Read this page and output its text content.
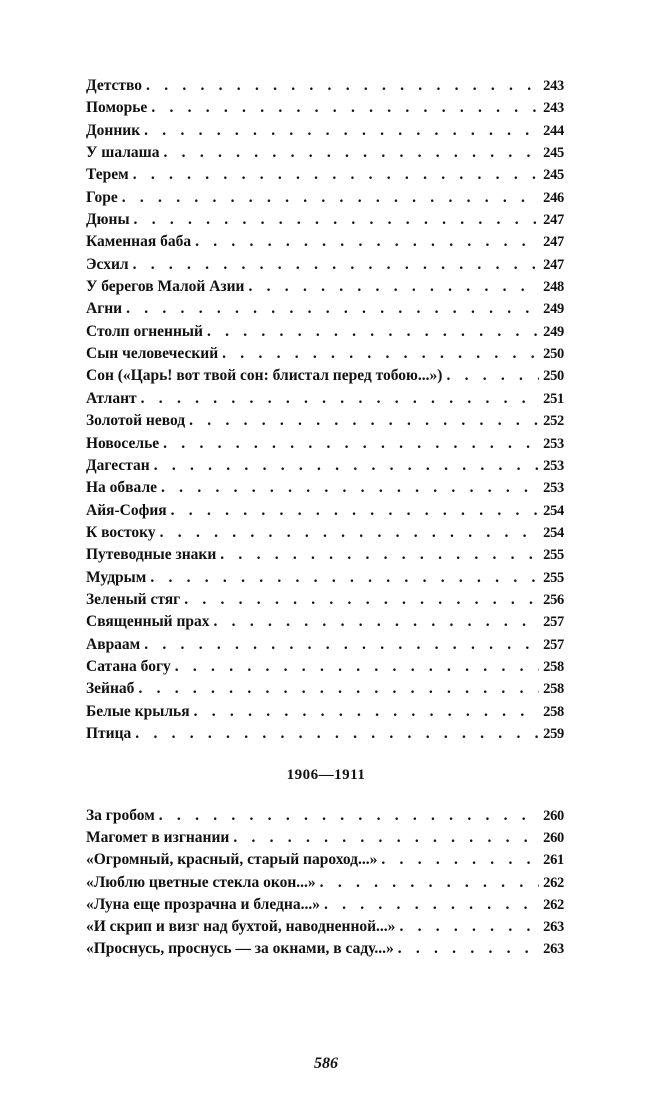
Детство . . .	243
Поморье . . .	243
Донник . . .	244
У шалаша . . .	245
Терем . . .	245
Горе . . .	246
Дюны . . .	247
Каменная баба . . .	247
Эсхил . . .	247
У берегов Малой Азии . . .	248
Агни . . .	249
Столп огненный . . .	249
Сын человеческий . . .	250
Сон («Царь! вот твой сон: блистал перед тобою...») . . .	250
Атлант . . .	251
Золотой невод . . .	252
Новоселье . . .	253
Дагестан . . .	253
На обвале . . .	253
Айя-София . . .	254
К востоку . . .	254
Путеводные знаки . . .	255
Мудрым . . .	255
Зеленый стяг . . .	256
Священный прах . . .	257
Авраам . . .	257
Сатана богу . . .	258
Зейнаб . . .	258
Белые крылья . . .	258
Птица . . .	259
1906—1911
За гробом . . .	260
Магомет в изгнании . . .	260
«Огромный, красный, старый пароход...» . . .	261
«Люблю цветные стекла окон...» . . .	262
«Луна еще прозрачна и бледна...» . . .	262
«И скрип и визг над бухтой, наводненной...» . . .	263
«Проснусь, проснусь — за окнами, в саду...» . . .	263
586
